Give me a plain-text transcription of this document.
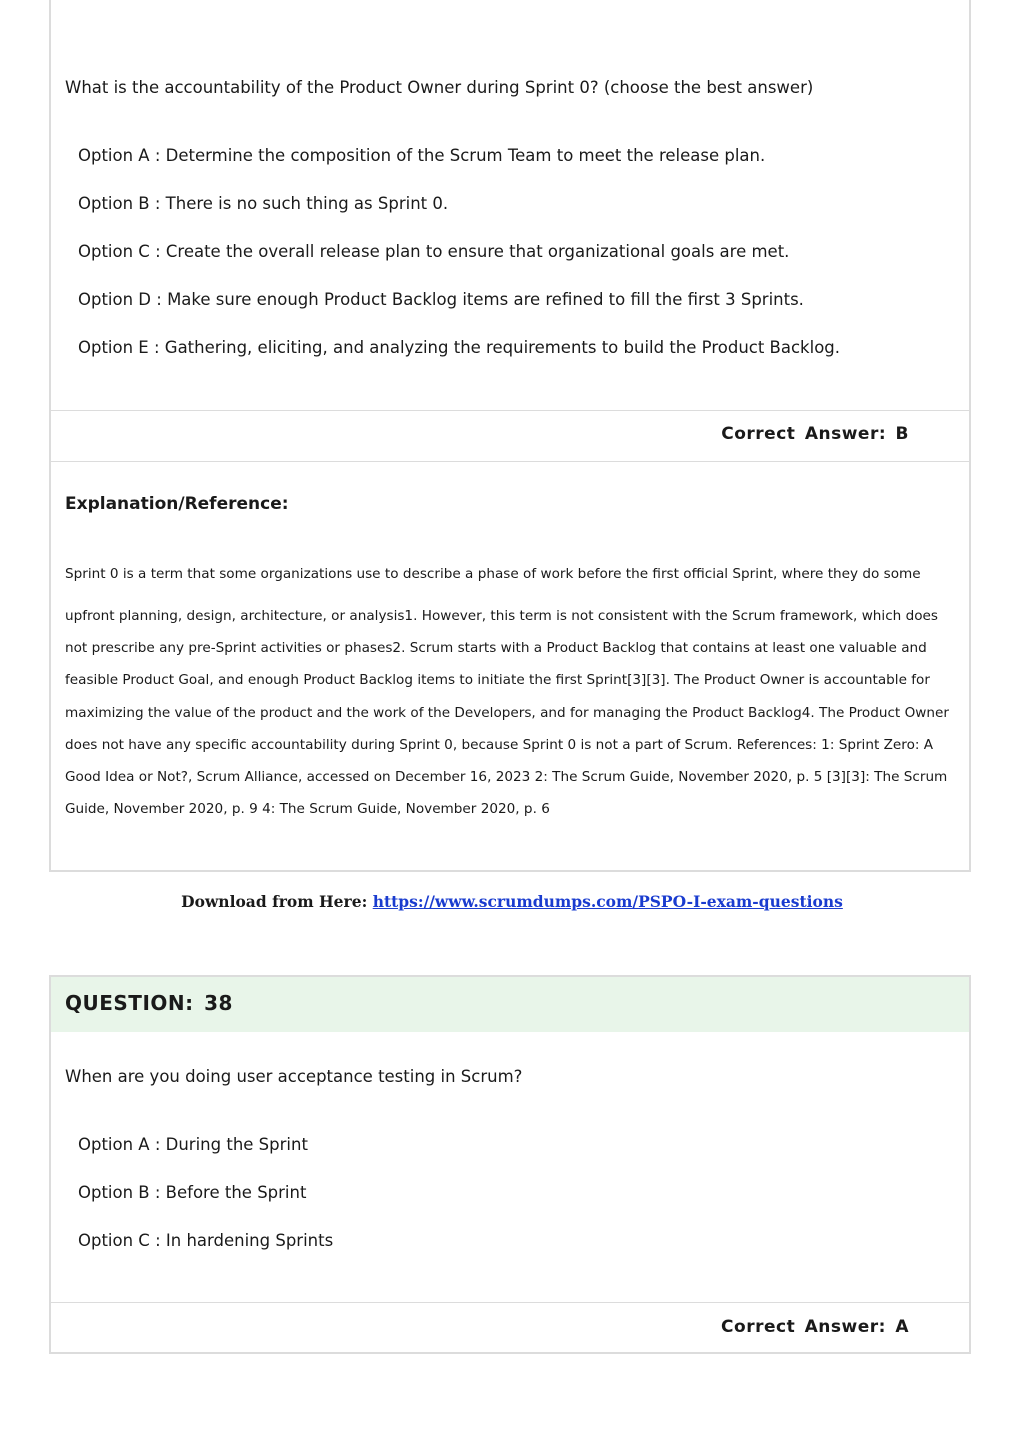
What is the accountability of the Product Owner during Sprint 0? (choose the best answer)
Option A : Determine the composition of the Scrum Team to meet the release plan.
Option B : There is no such thing as Sprint 0.
Option C : Create the overall release plan to ensure that organizational goals are met.
Option D : Make sure enough Product Backlog items are refined to fill the first 3 Sprints.
Option E : Gathering, eliciting, and analyzing the requirements to build the Product Backlog.
Correct Answer: B
Explanation/Reference:

Sprint 0 is a term that some organizations use to describe a phase of work before the first official Sprint, where they do some

upfront planning, design, architecture, or analysis1. However, this term is not consistent with the Scrum framework, which does not prescribe any pre-Sprint activities or phases2. Scrum starts with a Product Backlog that contains at least one valuable and feasible Product Goal, and enough Product Backlog items to initiate the first Sprint[3][3]. The Product Owner is accountable for maximizing the value of the product and the work of the Developers, and for managing the Product Backlog4. The Product Owner does not have any specific accountability during Sprint 0, because Sprint 0 is not a part of Scrum. References: 1: Sprint Zero: A Good Idea or Not?, Scrum Alliance, accessed on December 16, 2023 2: The Scrum Guide, November 2020, p. 5 [3][3]: The Scrum Guide, November 2020, p. 9 4: The Scrum Guide, November 2020, p. 6

Download from Here: https://www.scrumdumps.com/PSPO-I-exam-questions
QUESTION: 38
When are you doing user acceptance testing in Scrum?
Option A : During the Sprint
Option B : Before the Sprint
Option C : In hardening Sprints
Correct Answer: A
